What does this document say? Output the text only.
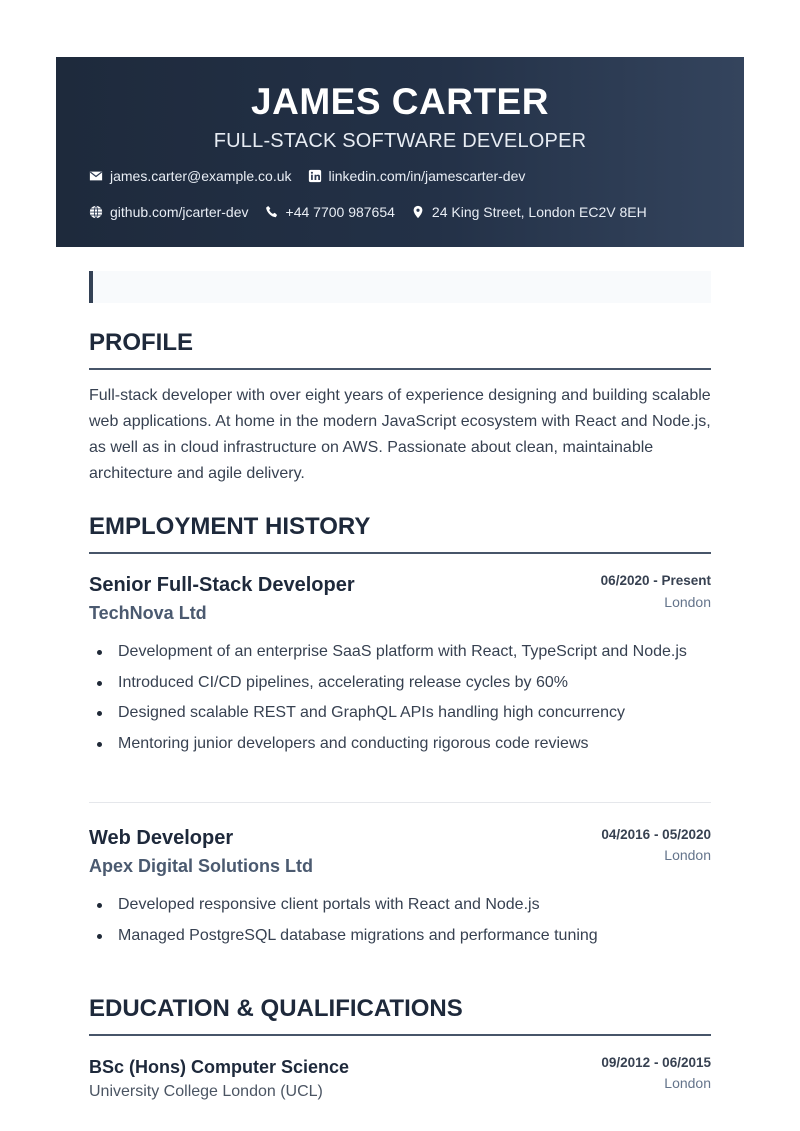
JAMES CARTER
FULL-STACK SOFTWARE DEVELOPER
james.carter@example.co.uk	linkedin.com/in/jamescarter-dev
github.com/jcarter-dev	+44 7700 987654	24 King Street, London EC2V 8EH
PROFILE
Full-stack developer with over eight years of experience designing and building scalable web applications. At home in the modern JavaScript ecosystem with React and Node.js, as well as in cloud infrastructure on AWS. Passionate about clean, maintainable architecture and agile delivery.
EMPLOYMENT HISTORY
Senior Full-Stack Developer
TechNova Ltd
06/2020 - Present
London
Development of an enterprise SaaS platform with React, TypeScript and Node.js
Introduced CI/CD pipelines, accelerating release cycles by 60%
Designed scalable REST and GraphQL APIs handling high concurrency
Mentoring junior developers and conducting rigorous code reviews
Web Developer
Apex Digital Solutions Ltd
04/2016 - 05/2020
London
Developed responsive client portals with React and Node.js
Managed PostgreSQL database migrations and performance tuning
EDUCATION & QUALIFICATIONS
BSc (Hons) Computer Science
University College London (UCL)
09/2012 - 06/2015
London
